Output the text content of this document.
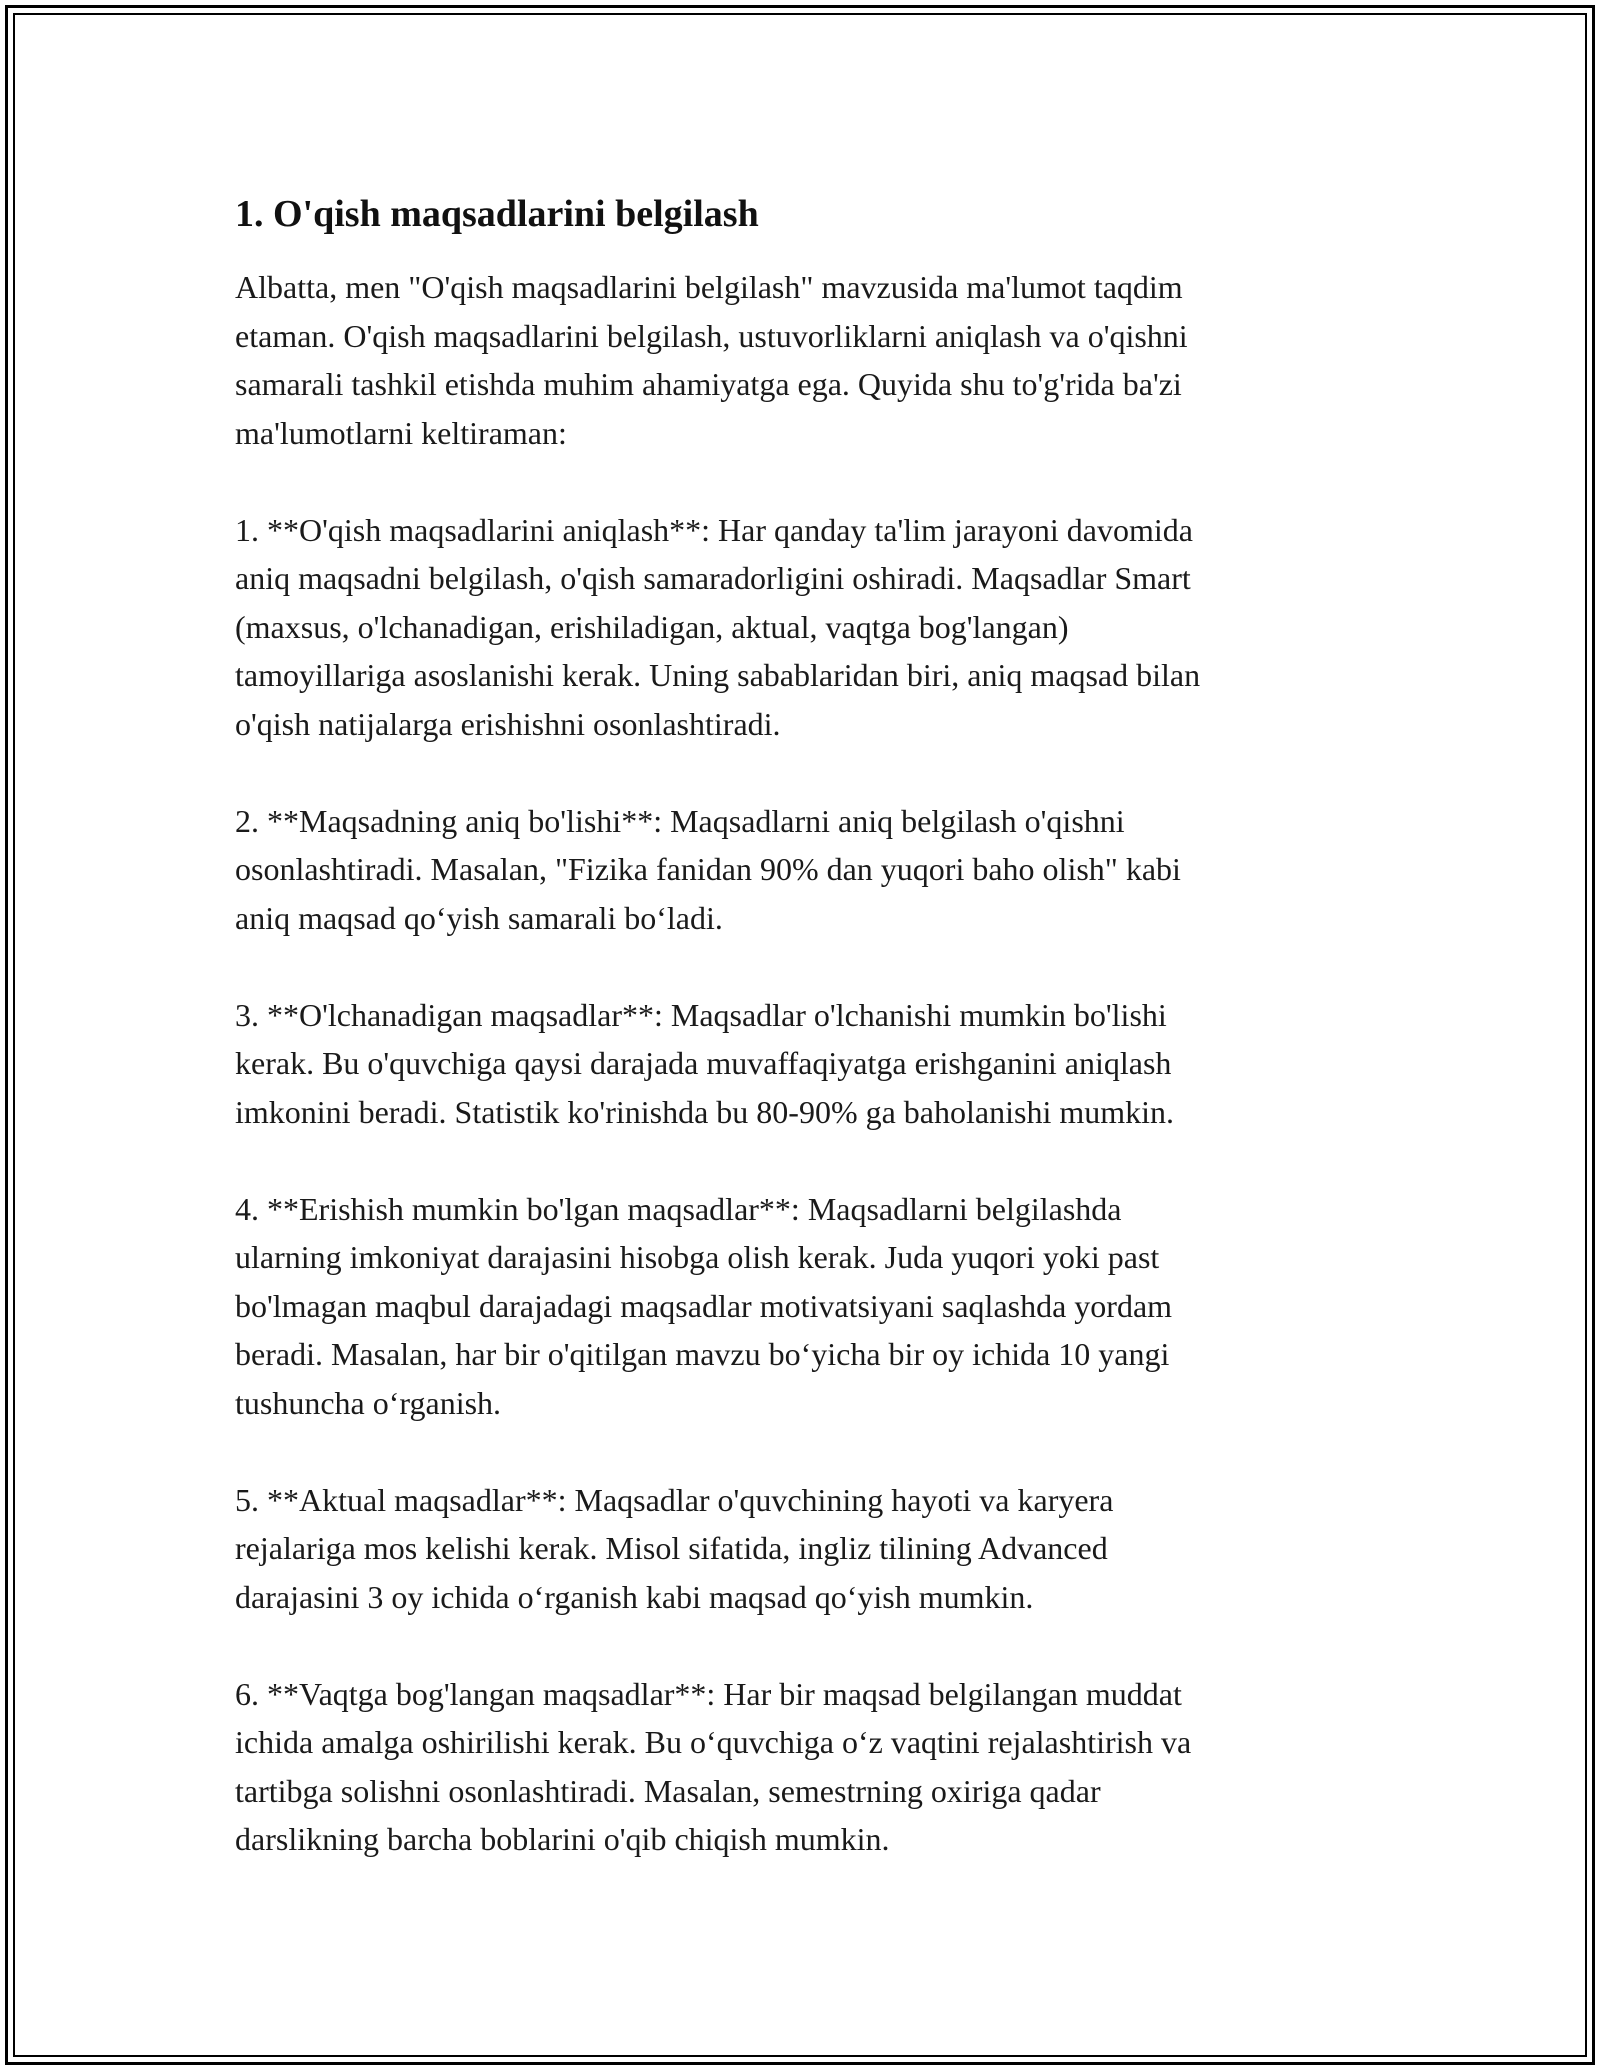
1. O'qish maqsadlarini belgilash

Albatta, men "O'qish maqsadlarini belgilash" mavzusida ma'lumot taqdim
etaman. O'qish maqsadlarini belgilash, ustuvorliklarni aniqlash va o'qishni
samarali tashkil etishda muhim ahamiyatga ega. Quyida shu to'g'rida ba'zi
ma'lumotlarni keltiraman:

1. **O'qish maqsadlarini aniqlash**: Har qanday ta'lim jarayoni davomida
aniq maqsadni belgilash, o'qish samaradorligini oshiradi. Maqsadlar Smart
(maxsus, o'lchanadigan, erishiladigan, aktual, vaqtga bog'langan)
tamoyillariga asoslanishi kerak. Uning sabablaridan biri, aniq maqsad bilan
o'qish natijalarga erishishni osonlashtiradi.

2. **Maqsadning aniq bo'lishi**: Maqsadlarni aniq belgilash o'qishni
osonlashtiradi. Masalan, "Fizika fanidan 90% dan yuqori baho olish" kabi
aniq maqsad qo‘yish samarali bo‘ladi.

3. **O'lchanadigan maqsadlar**: Maqsadlar o'lchanishi mumkin bo'lishi
kerak. Bu o'quvchiga qaysi darajada muvaffaqiyatga erishganini aniqlash
imkonini beradi. Statistik ko'rinishda bu 80-90% ga baholanishi mumkin.

4. **Erishish mumkin bo'lgan maqsadlar**: Maqsadlarni belgilashda
ularning imkoniyat darajasini hisobga olish kerak. Juda yuqori yoki past
bo'lmagan maqbul darajadagi maqsadlar motivatsiyani saqlashda yordam
beradi. Masalan, har bir o'qitilgan mavzu bo‘yicha bir oy ichida 10 yangi
tushuncha o‘rganish.

5. **Aktual maqsadlar**: Maqsadlar o'quvchining hayoti va karyera
rejalariga mos kelishi kerak. Misol sifatida, ingliz tilining Advanced
darajasini 3 oy ichida o‘rganish kabi maqsad qo‘yish mumkin.

6. **Vaqtga bog'langan maqsadlar**: Har bir maqsad belgilangan muddat
ichida amalga oshirilishi kerak. Bu o‘quvchiga o‘z vaqtini rejalashtirish va
tartibga solishni osonlashtiradi. Masalan, semestrning oxiriga qadar
darslikning barcha boblarini o'qib chiqish mumkin.
